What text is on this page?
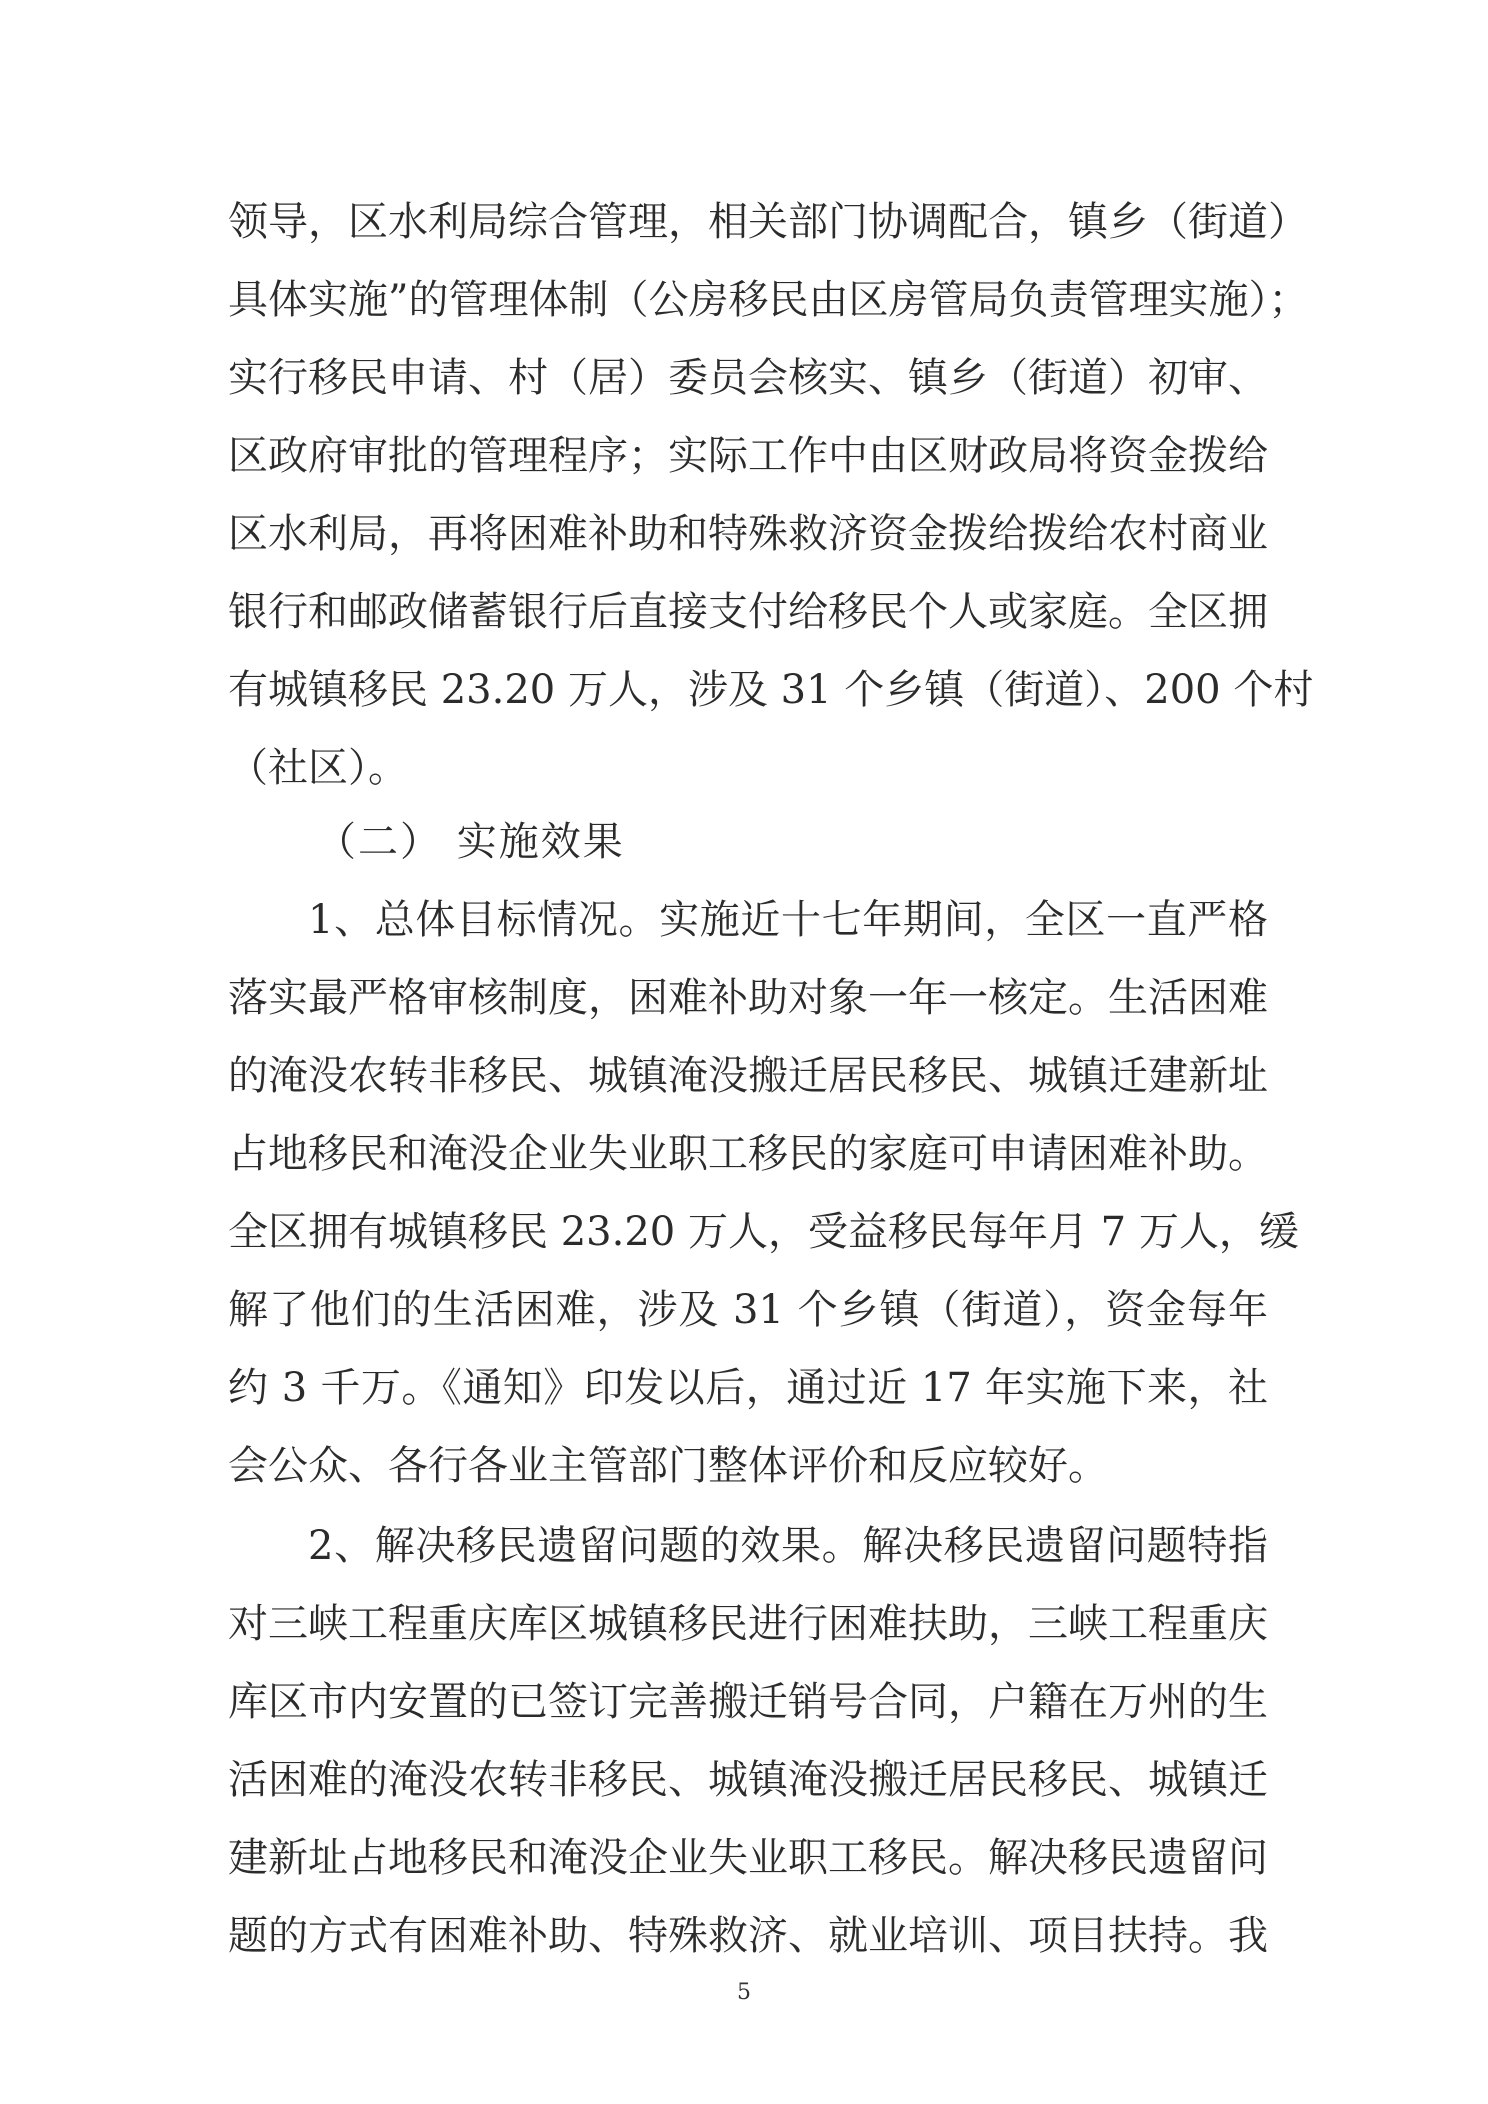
领导，区水利局综合管理，相关部门协调配合，镇乡（街道）
具体实施”的管理体制（公房移民由区房管局负责管理实施）；
实行移民申请、村（居）委员会核实、镇乡（街道）初审、
区政府审批的管理程序；实际工作中由区财政局将资金拨给
区水利局，再将困难补助和特殊救济资金拨给拨给农村商业
银行和邮政储蓄银行后直接支付给移民个人或家庭。全区拥
有城镇移民 23.20 万人，涉及 31 个乡镇（街道）、200 个村
（社区）。
（二） 实施效果
1、总体目标情况。实施近十七年期间，全区一直严格
落实最严格审核制度，困难补助对象一年一核定。生活困难
的淹没农转非移民、城镇淹没搬迁居民移民、城镇迁建新址
占地移民和淹没企业失业职工移民的家庭可申请困难补助。
全区拥有城镇移民 23.20 万人，受益移民每年月 7 万人，缓
解了他们的生活困难，涉及 31 个乡镇（街道），资金每年
约 3 千万。《通知》印发以后，通过近 17 年实施下来，社
会公众、各行各业主管部门整体评价和反应较好。
2、解决移民遗留问题的效果。解决移民遗留问题特指
对三峡工程重庆库区城镇移民进行困难扶助，三峡工程重庆
库区市内安置的已签订完善搬迁销号合同，户籍在万州的生
活困难的淹没农转非移民、城镇淹没搬迁居民移民、城镇迁
建新址占地移民和淹没企业失业职工移民。解决移民遗留问
题的方式有困难补助、特殊救济、就业培训、项目扶持。我
5
